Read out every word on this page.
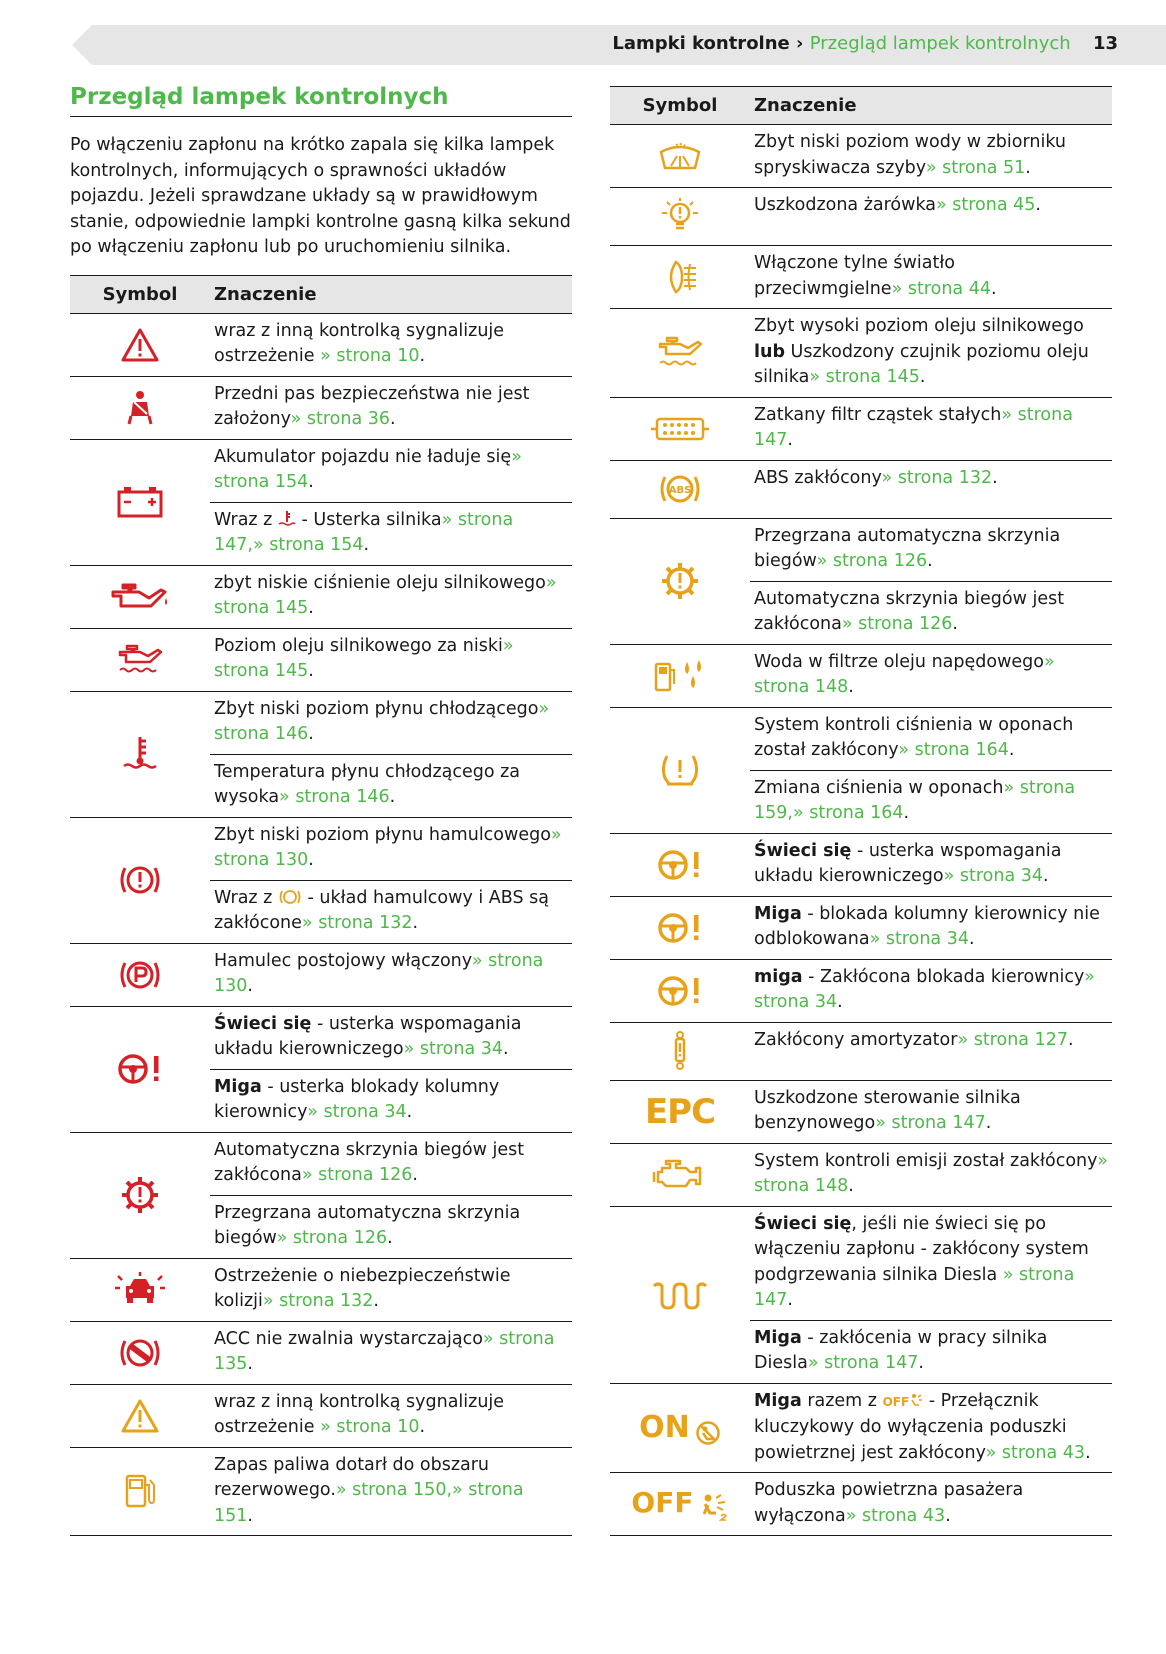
Lampki kontrolne › Przegląd lampek kontrolnych 13
Przegląd lampek kontrolnych

Po włączeniu zapłonu na krótko zapala się kilka lampek kontrolnych, informujących o sprawności układów pojazdu. Jeżeli sprawdzane układy są w prawidłowym stanie, odpowiednie lampki kontrolne gasną kilka sekund po włączeniu zapłonu lub po uruchomieniu silnika.

Symbol	Znaczenie
	wraz z inną kontrolką sygnalizuje ostrzeżenie » strona 10.
	Przedni pas bezpieczeństwa nie jest założony» strona 36.
	Akumulator pojazdu nie ładuje się» strona 154.
	Wraz z  - Usterka silnika» strona 147,» strona 154.
	zbyt niskie ciśnienie oleju silnikowego» strona 145.
	Poziom oleju silnikowego za niski» strona 145.
	Zbyt niski poziom płynu chłodzącego» strona 146.
	Temperatura płynu chłodzącego za wysoka» strona 146.
	Zbyt niski poziom płynu hamulcowego» strona 130.
	Wraz z  - układ hamulcowy i ABS są zakłócone» strona 132.
	Hamulec postojowy włączony» strona 130.
	Świeci się - usterka wspomagania układu kierowniczego» strona 34.
	Miga - usterka blokady kolumny kierownicy» strona 34.
	Automatyczna skrzynia biegów jest zakłócona» strona 126.
	Przegrzana automatyczna skrzynia biegów» strona 126.
	Ostrzeżenie o niebezpieczeństwie kolizji» strona 132.
	ACC nie zwalnia wystarczająco» strona 135.
	wraz z inną kontrolką sygnalizuje ostrzeżenie » strona 10.
	Zapas paliwa dotarł do obszaru rezerwowego.» strona 150,» strona 151.
Symbol	Znaczenie
	Zbyt niski poziom wody w zbiorniku spryskiwacza szyby» strona 51.
	Uszkodzona żarówka» strona 45.
	Włączone tylne światło przeciwmgielne» strona 44.
	Zbyt wysoki poziom oleju silnikowego lub Uszkodzony czujnik poziomu oleju silnika» strona 145.
	Zatkany filtr cząstek stałych» strona 147.

ABS	ABS zakłócony» strona 132.
	Przegrzana automatyczna skrzynia biegów» strona 126.
	Automatyczna skrzynia biegów jest zakłócona» strona 126.
	Woda w filtrze oleju napędowego» strona 148.
	System kontroli ciśnienia w oponach został zakłócony» strona 164.
	Zmiana ciśnienia w oponach» strona 159,» strona 164.
	Świeci się - usterka wspomagania układu kierowniczego» strona 34.
	Miga - blokada kolumny kierownicy nie odblokowana» strona 34.
	miga - Zakłócona blokada kierownicy» strona 34.
	Zakłócony amortyzator» strona 127.
EPC	Uszkodzone sterowanie silnika benzynowego» strona 147.
	System kontroli emisji został zakłócony» strona 148.
	Świeci się, jeśli nie świeci się po włączeniu zapłonu - zakłócony system podgrzewania silnika Diesla » strona 147.
	Miga - zakłócenia w pracy silnika Diesla» strona 147.
ON	Miga razem z OFF - Przełącznik kluczykowy do wyłączenia poduszki powietrznej jest zakłócony» strona 43.
OFF	Poduszka powietrzna pasażera wyłączona» strona 43.
